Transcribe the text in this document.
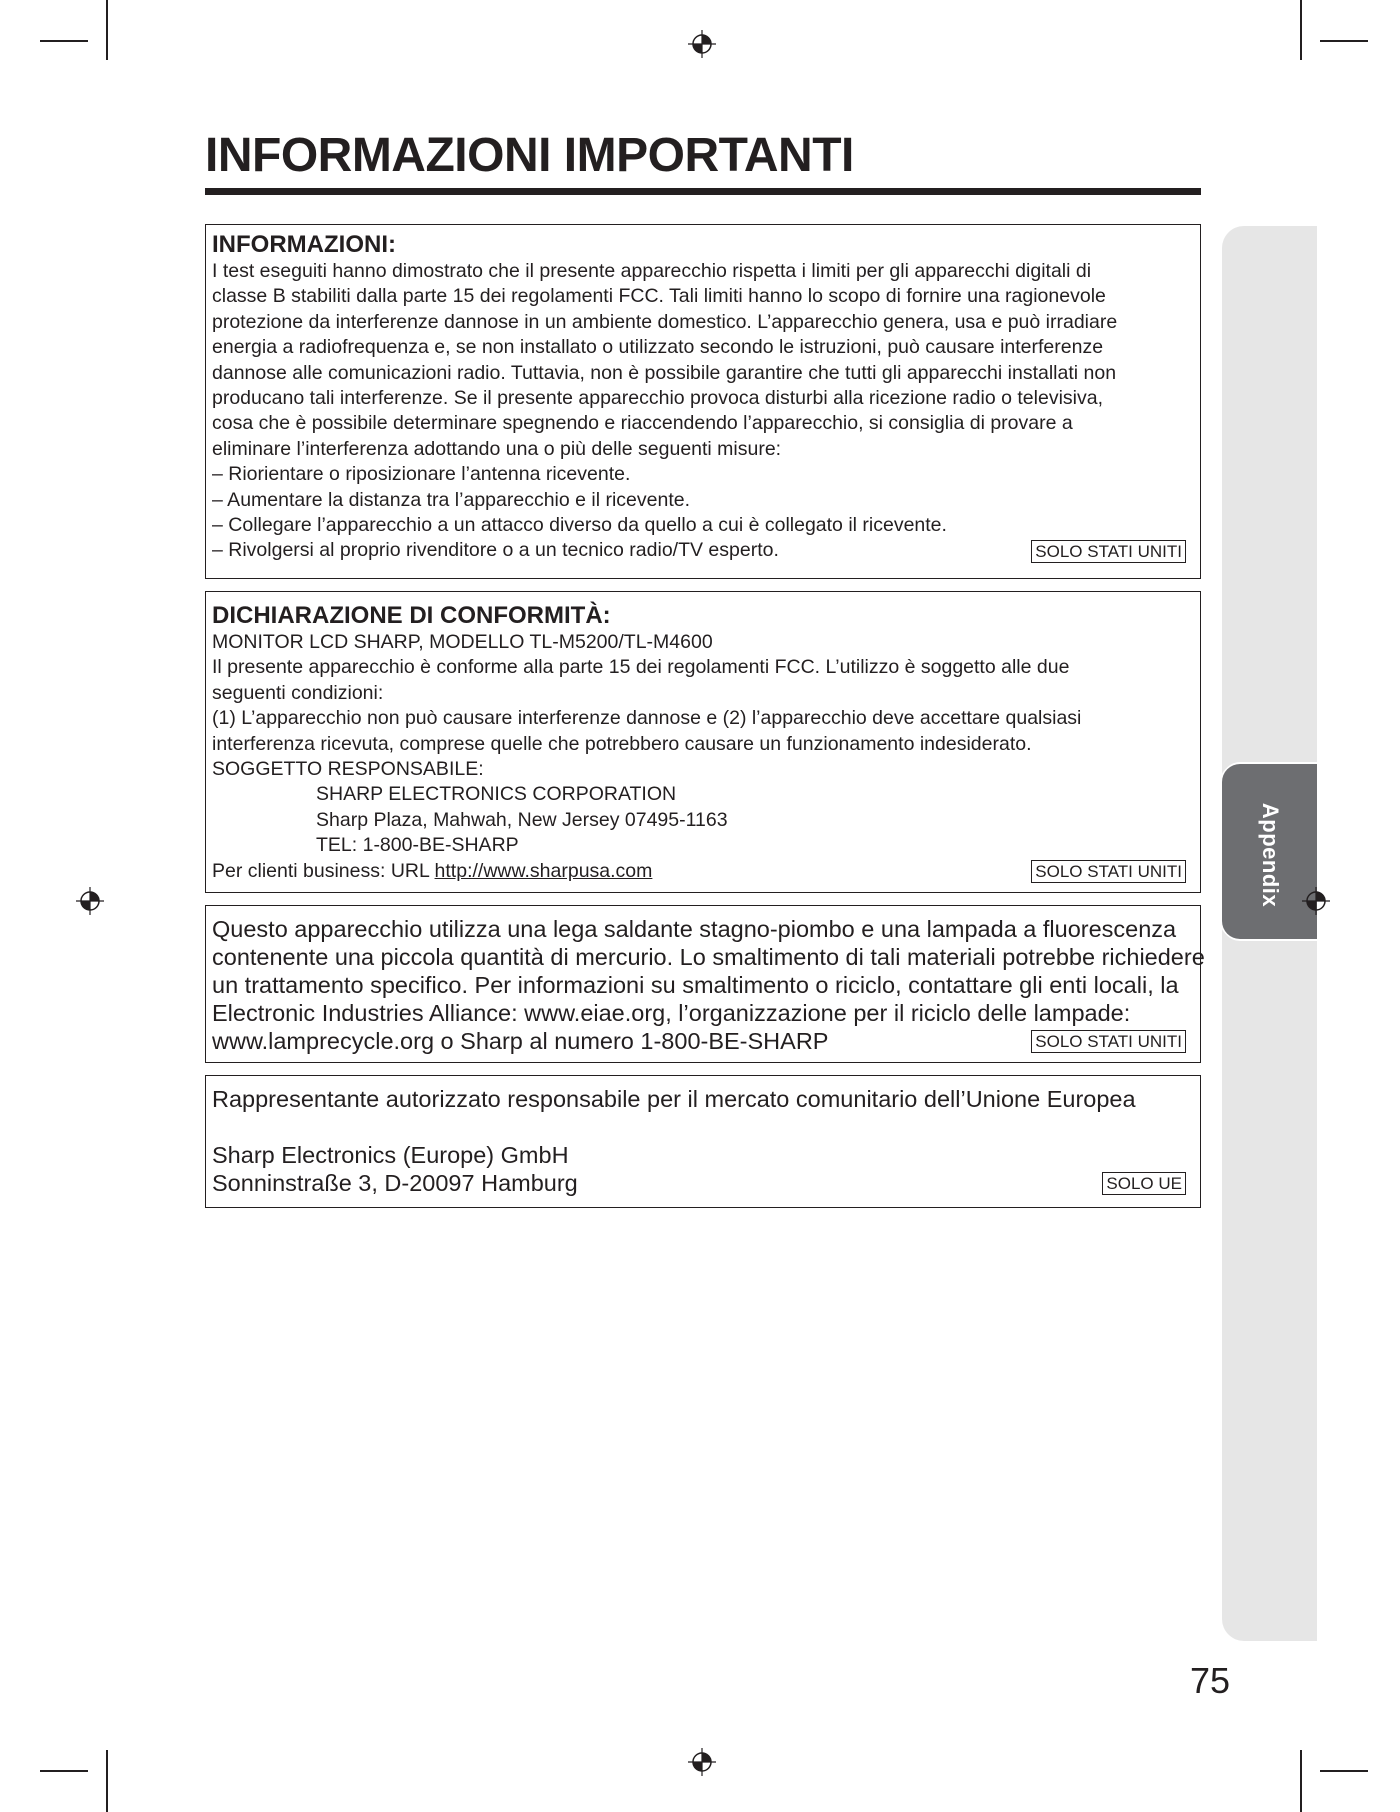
Appendix
INFORMAZIONI IMPORTANTI
INFORMAZIONI:
I test eseguiti hanno dimostrato che il presente apparecchio rispetta i limiti per gli apparecchi digitali di
classe B stabiliti dalla parte 15 dei regolamenti FCC. Tali limiti hanno lo scopo di fornire una ragionevole
protezione da interferenze dannose in un ambiente domestico. L’apparecchio genera, usa e può irradiare
energia a radiofrequenza e, se non installato o utilizzato secondo le istruzioni, può causare interferenze
dannose alle comunicazioni radio. Tuttavia, non è possibile garantire che tutti gli apparecchi installati non
producano tali interferenze. Se il presente apparecchio provoca disturbi alla ricezione radio o televisiva,
cosa che è possibile determinare spegnendo e riaccendendo l’apparecchio, si consiglia di provare a
eliminare l’interferenza adottando una o più delle seguenti misure:
– Riorientare o riposizionare l’antenna ricevente.
– Aumentare la distanza tra l’apparecchio e il ricevente.
– Collegare l’apparecchio a un attacco diverso da quello a cui è collegato il ricevente.
– Rivolgersi al proprio rivenditore o a un tecnico radio/TV esperto.	SOLO STATI UNITI
DICHIARAZIONE DI CONFORMITÀ:
MONITOR LCD SHARP, MODELLO TL-M5200/TL-M4600
Il presente apparecchio è conforme alla parte 15 dei regolamenti FCC. L’utilizzo è soggetto alle due
seguenti condizioni:
(1) L’apparecchio non può causare interferenze dannose e (2) l’apparecchio deve accettare qualsiasi
interferenza ricevuta, comprese quelle che potrebbero causare un funzionamento indesiderato.
SOGGETTO RESPONSABILE:
SHARP ELECTRONICS CORPORATION
Sharp Plaza, Mahwah, New Jersey 07495-1163
TEL: 1-800-BE-SHARP
Per clienti business: URL http://www.sharpusa.com	SOLO STATI UNITI
Questo apparecchio utilizza una lega saldante stagno-piombo e una lampada a fluorescenza
contenente una piccola quantità di mercurio. Lo smaltimento di tali materiali potrebbe richiedere
un trattamento specifico. Per informazioni su smaltimento o riciclo, contattare gli enti locali, la
Electronic Industries Alliance: www.eiae.org, l’organizzazione per il riciclo delle lampade:
www.lamprecycle.org o Sharp al numero 1-800-BE-SHARP	SOLO STATI UNITI
Rappresentante autorizzato responsabile per il mercato comunitario dell’Unione Europea
Sharp Electronics (Europe) GmbH
Sonninstraße 3, D-20097 Hamburg	SOLO UE
75
